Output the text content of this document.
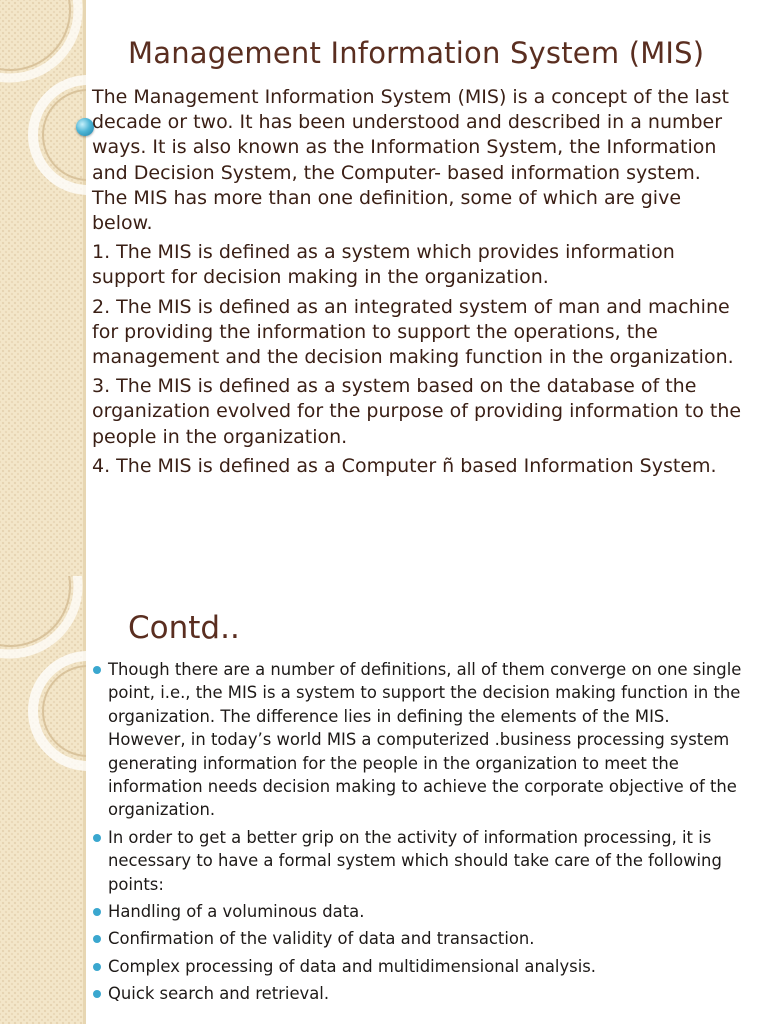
Management Information System (MIS)

The Management Information System (MIS) is a concept of the last decade or two. It has been understood and described in a number ways. It is also known as the Information System, the Information and Decision System, the Computer- based information system. The MIS has more than one definition, some of which are give below.

1. The MIS is defined as a system which provides information support for decision making in the organization.

2. The MIS is defined as an integrated system of man and machine for providing the information to support the operations, the management and the decision making function in the organization.

3. The MIS is defined as a system based on the database of the organization evolved for the purpose of providing information to the people in the organization.

4. The MIS is defined as a Computer ñ based Information System.

Contd..
Though there are a number of definitions, all of them converge on one single point, i.e., the MIS is a system to support the decision making function in the organization. The difference lies in defining the elements of the MIS. However, in today’s world MIS a computerized .business processing system generating information for the people in the organization to meet the information needs decision making to achieve the corporate objective of the organization.
In order to get a better grip on the activity of information processing, it is necessary to have a formal system which should take care of the following points:
Handling of a voluminous data.
Confirmation of the validity of data and transaction.
Complex processing of data and multidimensional analysis.
Quick search and retrieval.
